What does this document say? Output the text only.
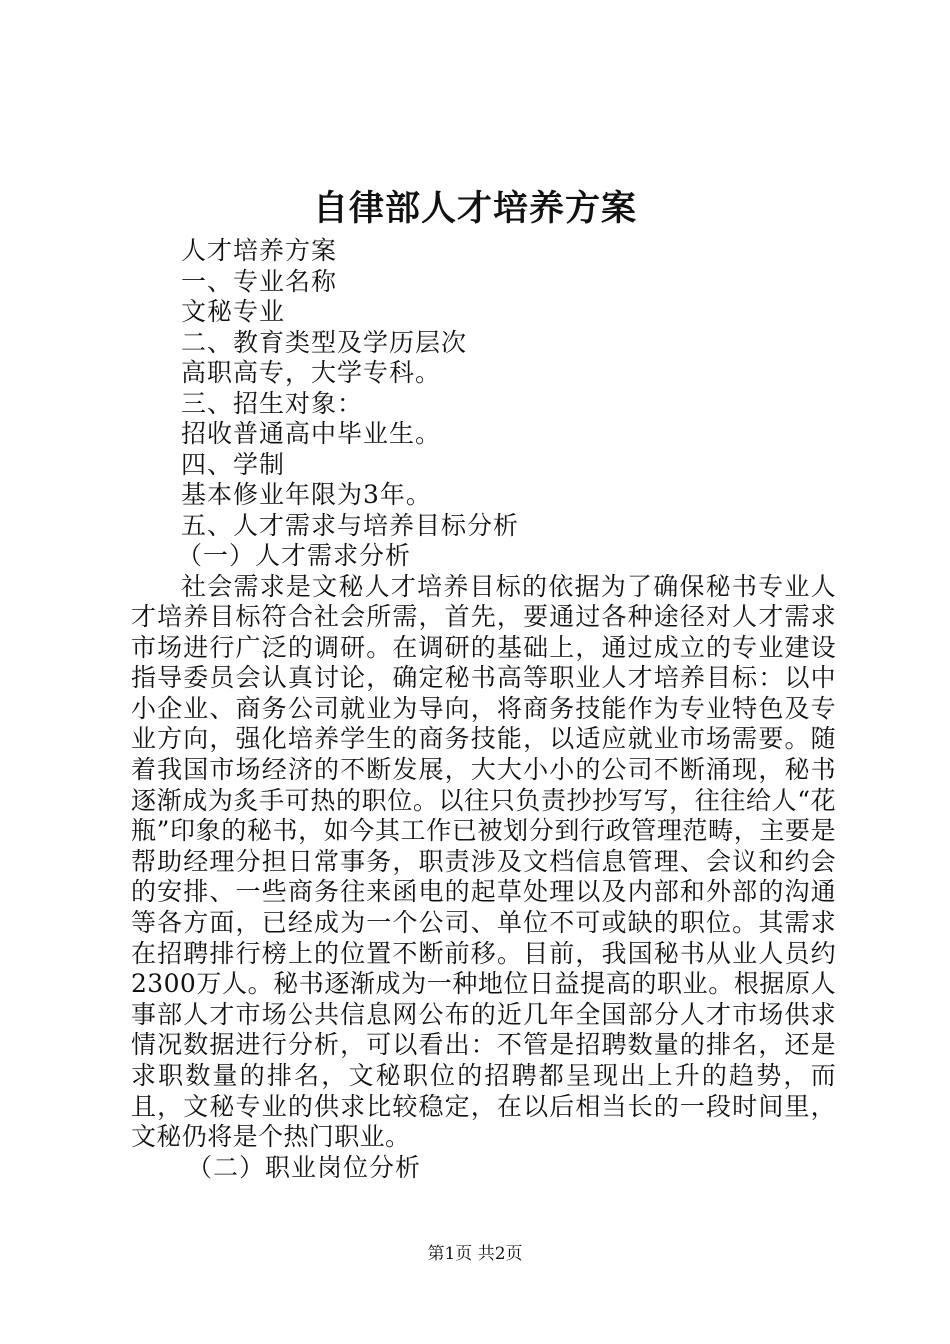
自律部人才培养方案
人才培养方案
一、专业名称
文秘专业
二、教育类型及学历层次
高职高专，大学专科。
三、招生对象：
招收普通高中毕业生。
四、学制
基本修业年限为3年。
五、人才需求与培养目标分析
（一）人才需求分析

社会需求是文秘人才培养目标的依据为了确保秘书专业人才培养目标符合社会所需，首先，要通过各种途径对人才需求市场进行广泛的调研。在调研的基础上，通过成立的专业建设指导委员会认真讨论，确定秘书高等职业人才培养目标：以中小企业、商务公司就业为导向，将商务技能作为专业特色及专业方向，强化培养学生的商务技能，以适应就业市场需要。随着我国市场经济的不断发展，大大小小的公司不断涌现，秘书逐渐成为炙手可热的职位。以往只负责抄抄写写，往往给人“花瓶”印象的秘书，如今其工作已被划分到行政管理范畴，主要是帮助经理分担日常事务，职责涉及文档信息管理、会议和约会的安排、一些商务往来函电的起草处理以及内部和外部的沟通等各方面，已经成为一个公司、单位不可或缺的职位。其需求在招聘排行榜上的位置不断前移。目前，我国秘书从业人员约2300万人。秘书逐渐成为一种地位日益提高的职业。根据原人事部人才市场公共信息网公布的近几年全国部分人才市场供求情况数据进行分析，可以看出：不管是招聘数量的排名，还是求职数量的排名，文秘职位的招聘都呈现出上升的趋势，而且，文秘专业的供求比较稳定，在以后相当长的一段时间里，文秘仍将是个热门职业。

（二）职业岗位分析
第1页 共2页
